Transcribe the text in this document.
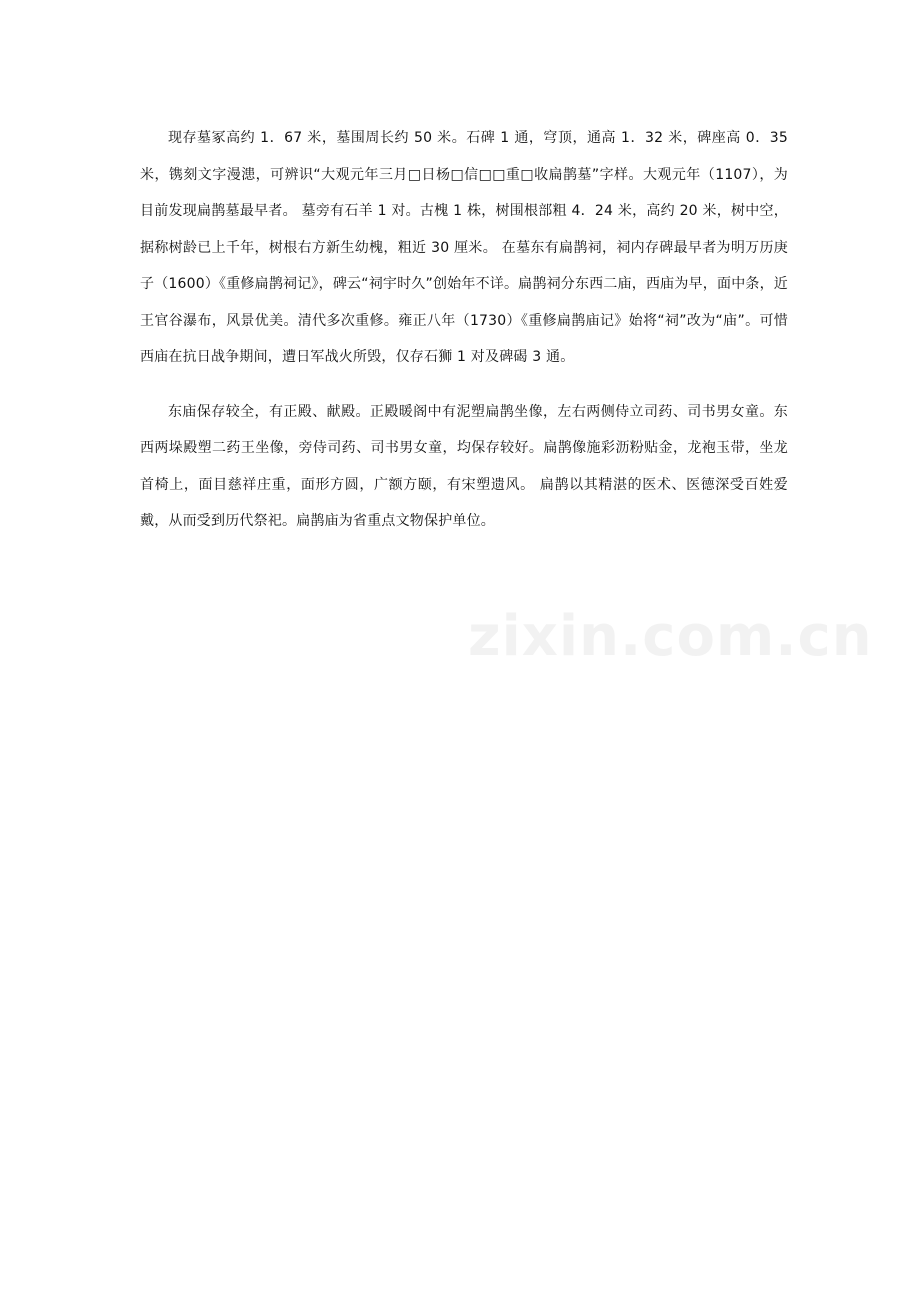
现存墓冢高约 1．67 米，墓围周长约 50 米。石碑 1 通，穹顶，通高 1．32 米，碑座高 0．35 米，镌刻文字漫漶，可辨识“大观元年三月□日杨□信□□重□收扁鹊墓”字样。大观元年（1107），为目前发现扁鹊墓最早者。 墓旁有石羊 1 对。古槐 1 株，树围根部粗 4．24 米，高约 20 米，树中空，据称树龄已上千年，树根右方新生幼槐，粗近 30 厘米。 在墓东有扁鹊祠，祠内存碑最早者为明万历庚子（1600）《重修扁鹊祠记》，碑云“祠宇时久”创始年不详。扁鹊祠分东西二庙，西庙为早，面中条，近王官谷瀑布，风景优美。清代多次重修。雍正八年（1730）《重修扁鹊庙记》始将“祠”改为“庙”。可惜西庙在抗日战争期间，遭日军战火所毁，仅存石狮 1 对及碑碣 3 通。

东庙保存较全，有正殿、献殿。正殿暖阁中有泥塑扁鹊坐像，左右两侧侍立司药、司书男女童。东西两垛殿塑二药王坐像，旁侍司药、司书男女童，均保存较好。扁鹊像施彩沥粉贴金，龙袍玉带，坐龙首椅上，面目慈祥庄重，面形方圆，广额方颐，有宋塑遗风。 扁鹊以其精湛的医术、医德深受百姓爱戴，从而受到历代祭祀。扁鹊庙为省重点文物保护单位。

zixin.com.cn
